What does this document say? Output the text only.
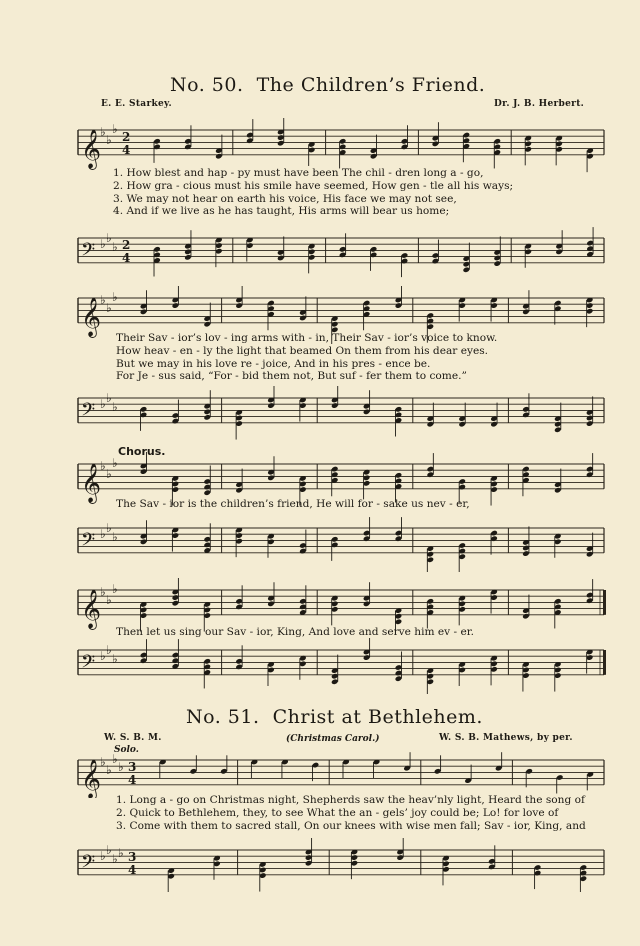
No. 50. The Children’s Friend.
E. E. Starkey.	Dr. J. B. Herbert.
𝄞
♭
♭
♭
2
4
1. How blest and hap - py must have been The chil - dren long a - go,
2. How gra - cious must his smile have seemed, How gen - tle all his ways;
3. We may not hear on earth his voice, His face we may not see,
4. And if we live as he has taught, His arms will bear us home;
𝄢 ♭ ♭
♭ 2
4
𝄞
♭
♭
♭
Their Sav - ior’s lov - ing arms with - in, Their Sav - ior’s voice to know.
How heav - en - ly the light that beamed On them from his dear eyes.
But we may in his love re - joice, And in his pres - ence be.
For Je - sus said, “For - bid them not, But suf - fer them to come.”
𝄢 ♭ ♭
♭
Chorus.
𝄞
♭
♭
♭
The Sav - ior is the children’s friend, He will for - sake us nev - er,
𝄢 ♭ ♭
♭
𝄞
♭
♭
♭
Then let us sing our Sav - ior, King, And love and serve him ev - er.
𝄢 ♭ ♭
♭
No. 51. Christ at Bethlehem.
W. S. B. M.	(Christmas Carol.)	W. S. B. Mathews, by per.
Solo.
𝄞
♭
♭
♭
♭ 3
4
1. Long a - go on Christmas night, Shepherds saw the heav’nly light, Heard the song of
2. Quick to Bethlehem, they, to see What the an - gels’ joy could be; Lo! for love of
3. Come with them to sacred stall, On our knees with wise men fall; Sav - ior, King, and
𝄢 ♭ ♭
♭ ♭ 3
4
